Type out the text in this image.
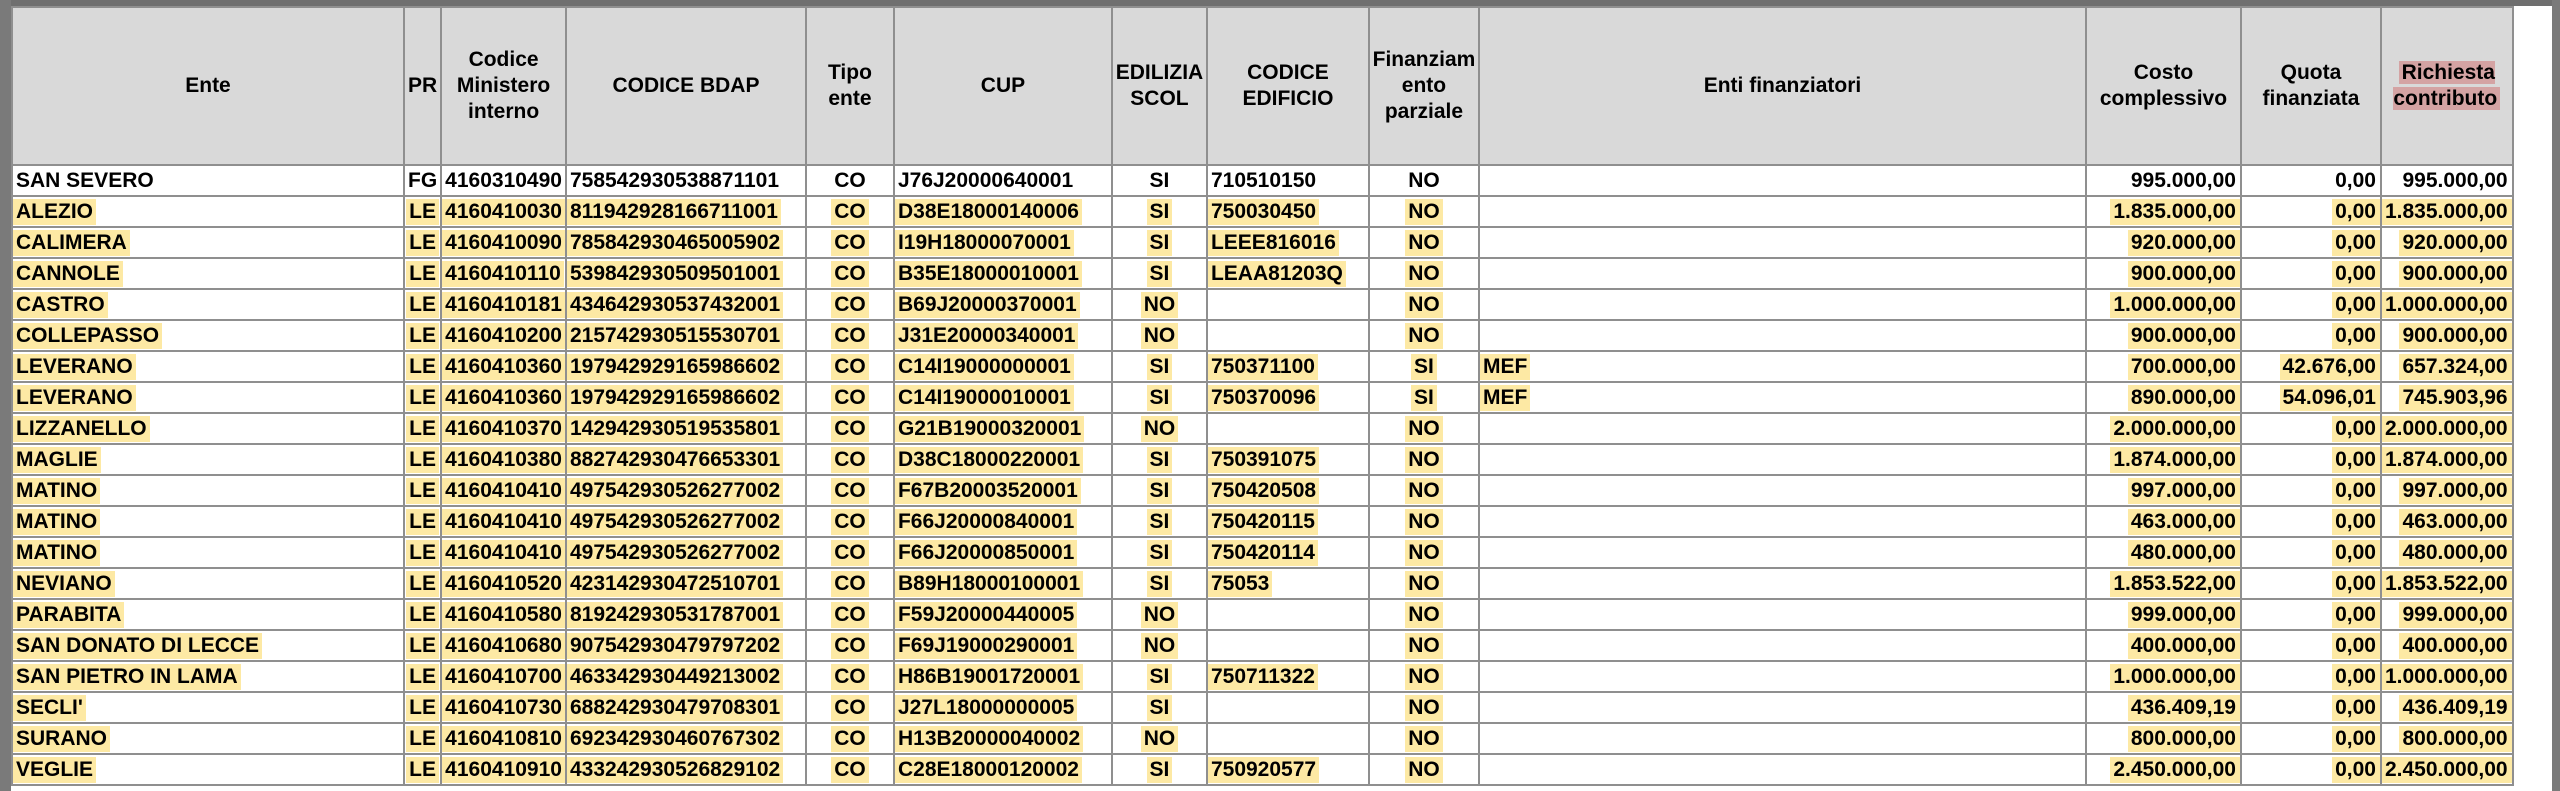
Ente	PR	Codice Ministero interno	CODICE BDAP	Tipo ente	CUP	EDILIZIA SCOL	CODICE EDIFICIO	Finanziam ento parziale	Enti finanziatori	Costo complessivo	Quota finanziata	Richiesta contributo
SAN SEVERO	FG	4160310490	758542930538871101	CO	J76J20000640001	SI	710510150	NO		995.000,00	0,00	995.000,00
ALEZIO	LE	4160410030	811942928166711001	CO	D38E18000140006	SI	750030450	NO		1.835.000,00	0,00	1.835.000,00
CALIMERA	LE	4160410090	785842930465005902	CO	I19H18000070001	SI	LEEE816016	NO		920.000,00	0,00	920.000,00
CANNOLE	LE	4160410110	539842930509501001	CO	B35E18000010001	SI	LEAA81203Q	NO		900.000,00	0,00	900.000,00
CASTRO	LE	4160410181	434642930537432001	CO	B69J20000370001	NO		NO		1.000.000,00	0,00	1.000.000,00
COLLEPASSO	LE	4160410200	215742930515530701	CO	J31E20000340001	NO		NO		900.000,00	0,00	900.000,00
LEVERANO	LE	4160410360	197942929165986602	CO	C14I19000000001	SI	750371100	SI	MEF	700.000,00	42.676,00	657.324,00
LEVERANO	LE	4160410360	197942929165986602	CO	C14I19000010001	SI	750370096	SI	MEF	890.000,00	54.096,01	745.903,96
LIZZANELLO	LE	4160410370	142942930519535801	CO	G21B19000320001	NO		NO		2.000.000,00	0,00	2.000.000,00
MAGLIE	LE	4160410380	882742930476653301	CO	D38C18000220001	SI	750391075	NO		1.874.000,00	0,00	1.874.000,00
MATINO	LE	4160410410	497542930526277002	CO	F67B20003520001	SI	750420508	NO		997.000,00	0,00	997.000,00
MATINO	LE	4160410410	497542930526277002	CO	F66J20000840001	SI	750420115	NO		463.000,00	0,00	463.000,00
MATINO	LE	4160410410	497542930526277002	CO	F66J20000850001	SI	750420114	NO		480.000,00	0,00	480.000,00
NEVIANO	LE	4160410520	423142930472510701	CO	B89H18000100001	SI	75053	NO		1.853.522,00	0,00	1.853.522,00
PARABITA	LE	4160410580	819242930531787001	CO	F59J20000440005	NO		NO		999.000,00	0,00	999.000,00
SAN DONATO DI LECCE	LE	4160410680	907542930479797202	CO	F69J19000290001	NO		NO		400.000,00	0,00	400.000,00
SAN PIETRO IN LAMA	LE	4160410700	463342930449213002	CO	H86B19001720001	SI	750711322	NO		1.000.000,00	0,00	1.000.000,00
SECLI'	LE	4160410730	688242930479708301	CO	J27L18000000005	SI		NO		436.409,19	0,00	436.409,19
SURANO	LE	4160410810	692342930460767302	CO	H13B20000040002	NO		NO		800.000,00	0,00	800.000,00
VEGLIE	LE	4160410910	433242930526829102	CO	C28E18000120002	SI	750920577	NO		2.450.000,00	0,00	2.450.000,00
